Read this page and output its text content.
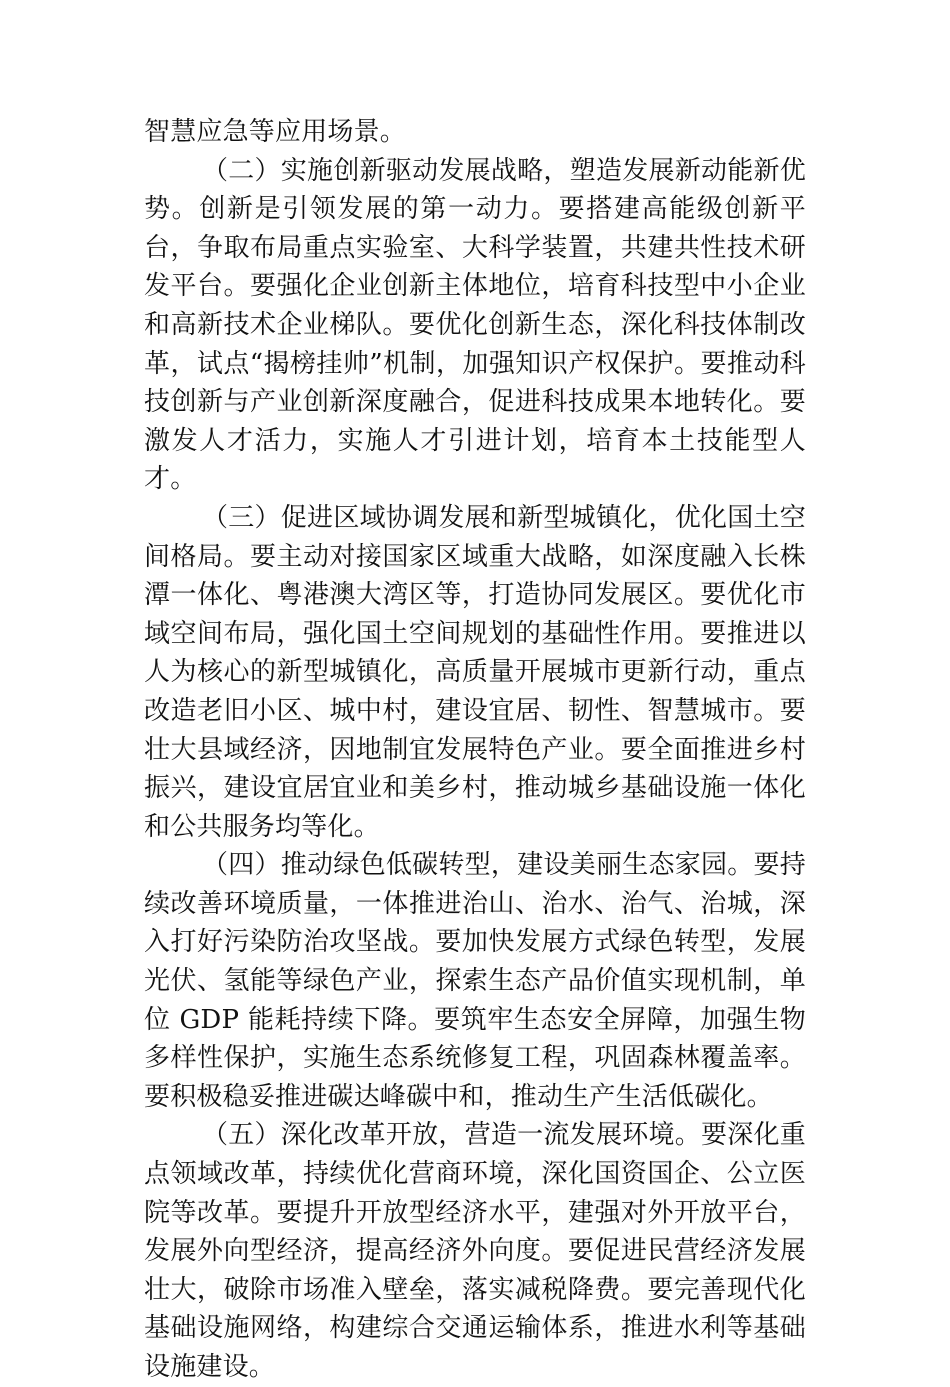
智慧应急等应用场景。

（二）实施创新驱动发展战略，塑造发展新动能新优势。创新是引领发展的第一动力。要搭建高能级创新平台，争取布局重点实验室、大科学装置，共建共性技术研发平台。要强化企业创新主体地位，培育科技型中小企业和高新技术企业梯队。要优化创新生态，深化科技体制改革，试点“揭榜挂帅”机制，加强知识产权保护。要推动科技创新与产业创新深度融合，促进科技成果本地转化。要激发人才活力，实施人才引进计划，培育本土技能型人才。

（三）促进区域协调发展和新型城镇化，优化国土空间格局。要主动对接国家区域重大战略，如深度融入长株潭一体化、粤港澳大湾区等，打造协同发展区。要优化市域空间布局，强化国土空间规划的基础性作用。要推进以人为核心的新型城镇化，高质量开展城市更新行动，重点改造老旧小区、城中村，建设宜居、韧性、智慧城市。要壮大县域经济，因地制宜发展特色产业。要全面推进乡村振兴，建设宜居宜业和美乡村，推动城乡基础设施一体化和公共服务均等化。

（四）推动绿色低碳转型，建设美丽生态家园。要持续改善环境质量，一体推进治山、治水、治气、治城，深入打好污染防治攻坚战。要加快发展方式绿色转型，发展光伏、氢能等绿色产业，探索生态产品价值实现机制，单位 GDP 能耗持续下降。要筑牢生态安全屏障，加强生物多样性保护，实施生态系统修复工程，巩固森林覆盖率。要积极稳妥推进碳达峰碳中和，推动生产生活低碳化。

（五）深化改革开放，营造一流发展环境。要深化重点领域改革，持续优化营商环境，深化国资国企、公立医院等改革。要提升开放型经济水平，建强对外开放平台，发展外向型经济，提高经济外向度。要促进民营经济发展壮大，破除市场准入壁垒，落实减税降费。要完善现代化基础设施网络，构建综合交通运输体系，推进水利等基础设施建设。
